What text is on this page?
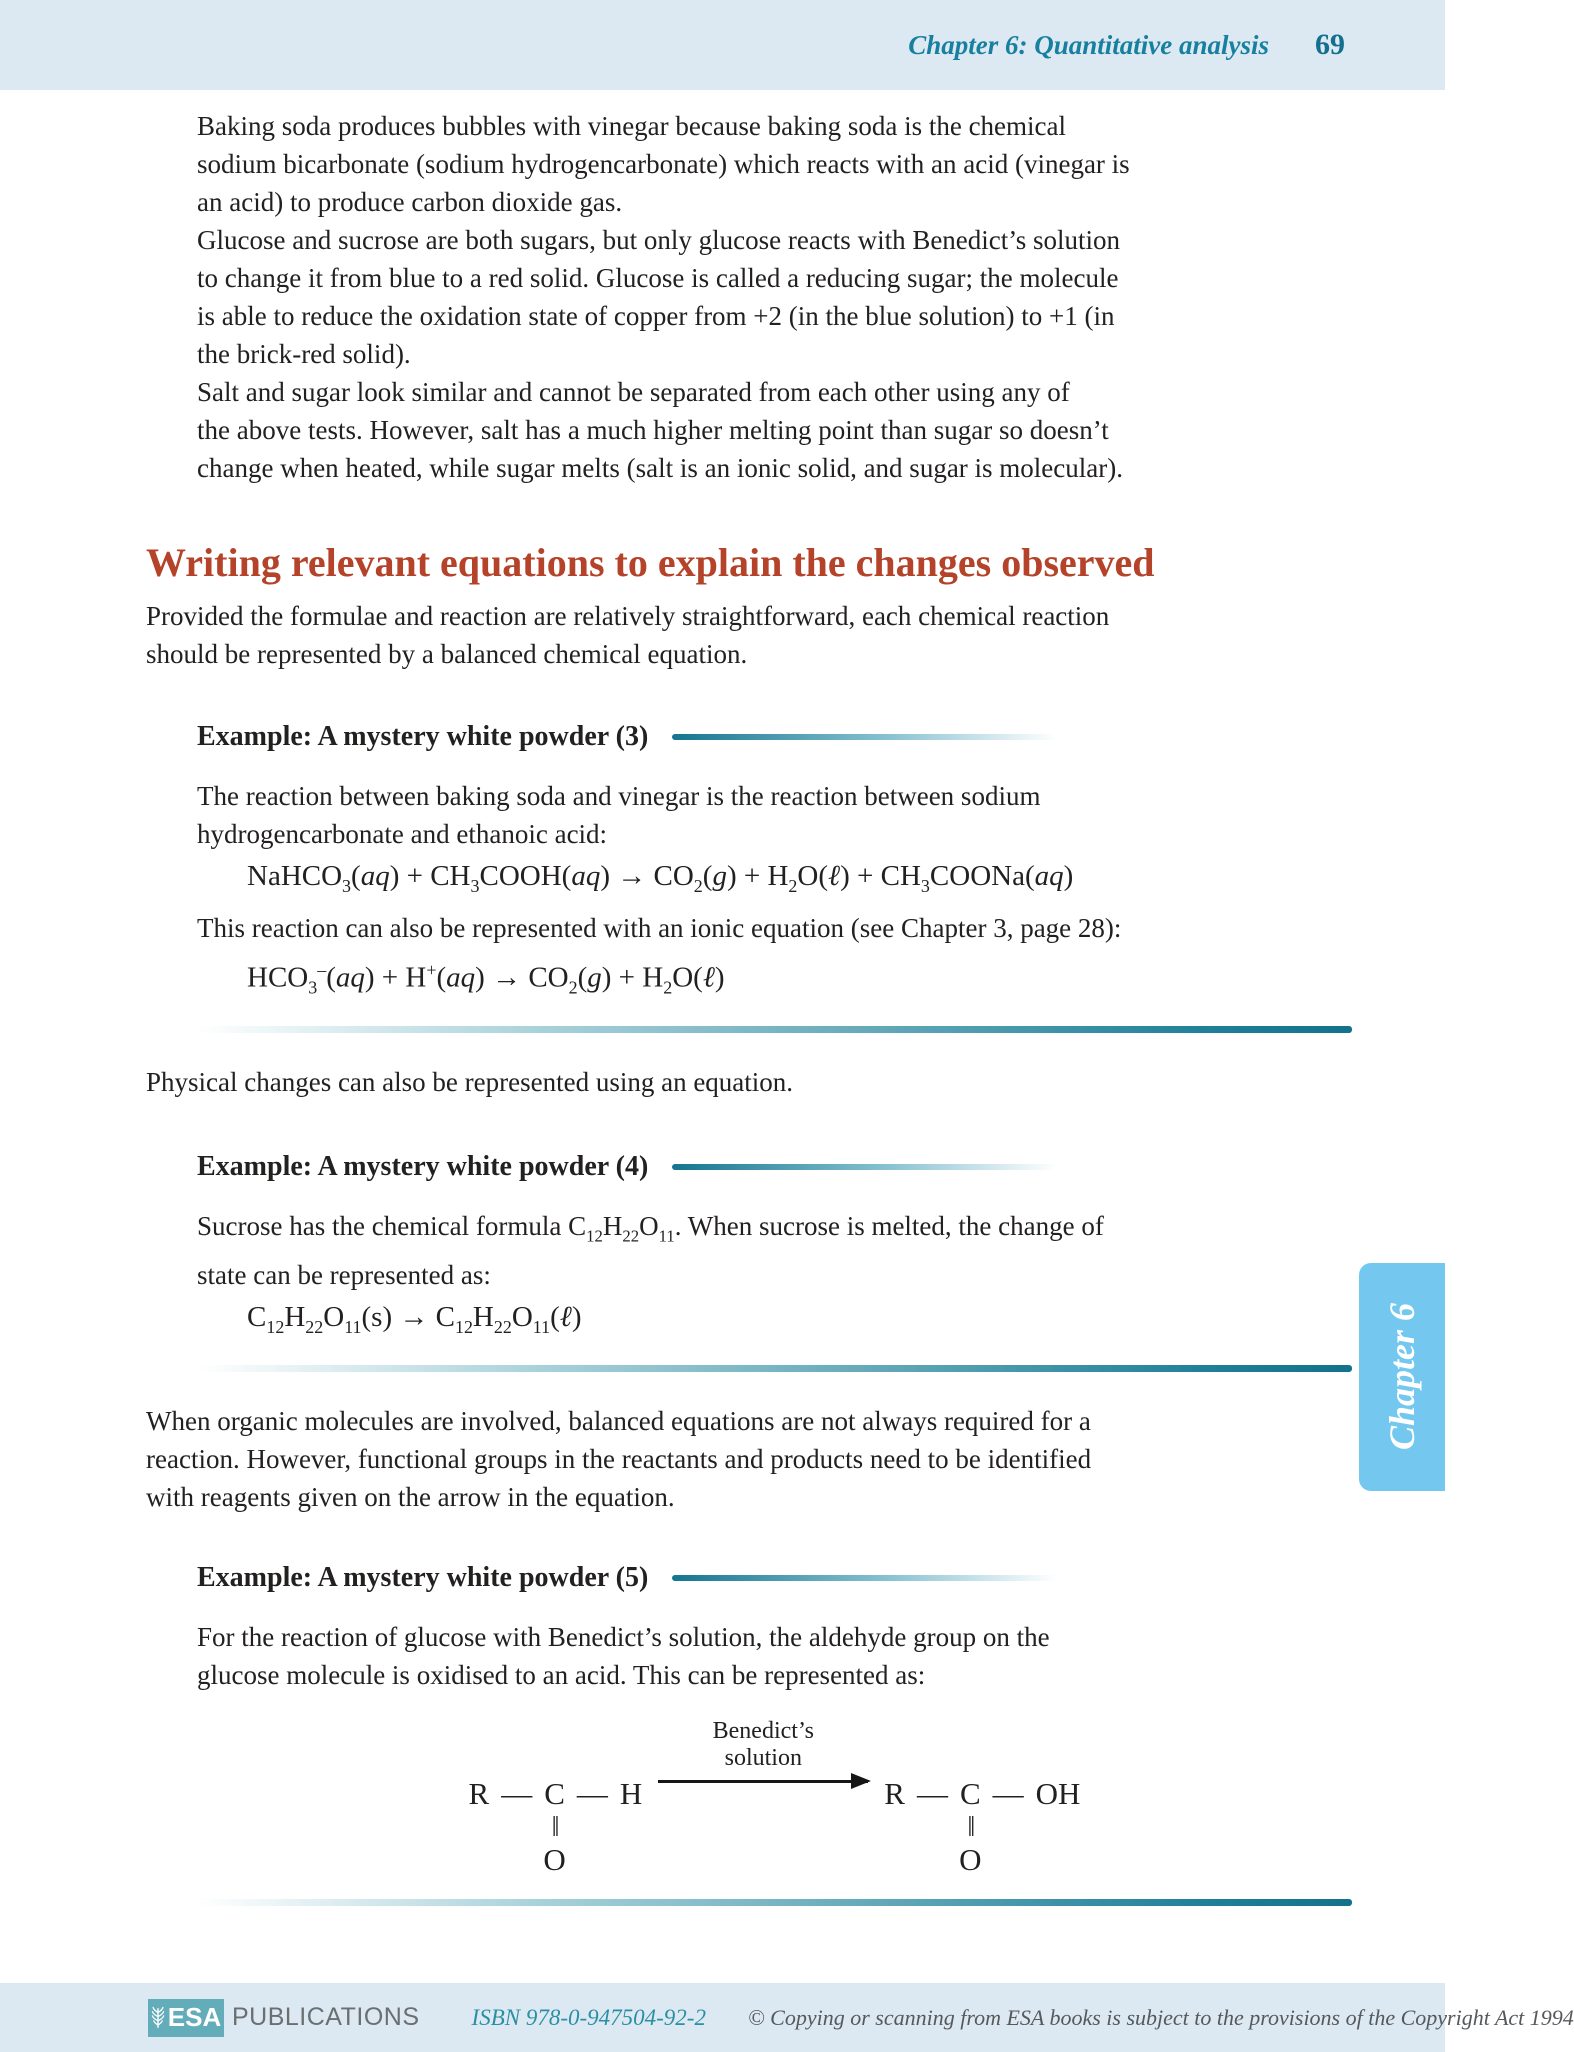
Chapter 6: Quantitative analysis 69
Baking soda produces bubbles with vinegar because baking soda is the chemical
sodium bicarbonate (sodium hydrogencarbonate) which reacts with an acid (vinegar is
an acid) to produce carbon dioxide gas.
Glucose and sucrose are both sugars, but only glucose reacts with Benedict’s solution
to change it from blue to a red solid. Glucose is called a reducing sugar; the molecule
is able to reduce the oxidation state of copper from +2 (in the blue solution) to +1 (in
the brick-red solid).
Salt and sugar look similar and cannot be separated from each other using any of
the above tests. However, salt has a much higher melting point than sugar so doesn’t
change when heated, while sugar melts (salt is an ionic solid, and sugar is molecular).
Writing relevant equations to explain the changes observed
Provided the formulae and reaction are relatively straightforward, each chemical reaction
should be represented by a balanced chemical equation.
Example: A mystery white powder (3)
The reaction between baking soda and vinegar is the reaction between sodium
hydrogencarbonate and ethanoic acid:
NaHCO$_3$(aq) + $CH_3COOH(aq) \to CO_2(g)$ + $H_2O(\ell)$ + $CH_3COONa(aq)$
This reaction can also be represented with an ionic equation (see Chapter 3, page 28):
$HCO_3^-(aq) + H^+(aq) \to CO_2(g)$ + $H_2O(\ell)$
Physical changes can also be represented using an equation.
Example: A mystery white powder (4)
Sucrose has the chemical formula $C_{12}H_{22}O_{11}$. When sucrose is melted, the change of
state can be represented as:
$C_{12}H_{22}O_{11}(s)$ → $C_{12}H_{22}O_{11}(\ell)$
When organic molecules are involved, balanced equations are not always required for a
reaction. However, functional groups in the reactants and products need to be identified
with reagents given on the arrow in the equation.
Example: A mystery white powder (5)
For the reaction of glucose with Benedict’s solution, the aldehyde group on the
glucose molecule is oxidised to an acid. This can be represented as:
R — C
‖
O
— H
Benedict’s
solution
R — C
‖
O
— OH
Chapter 6
ESA PUBLICATIONS ISBN 978-0-947504-92-2 © Copying or scanning from ESA books is subject to the provisions of the Copyright Act 1994
